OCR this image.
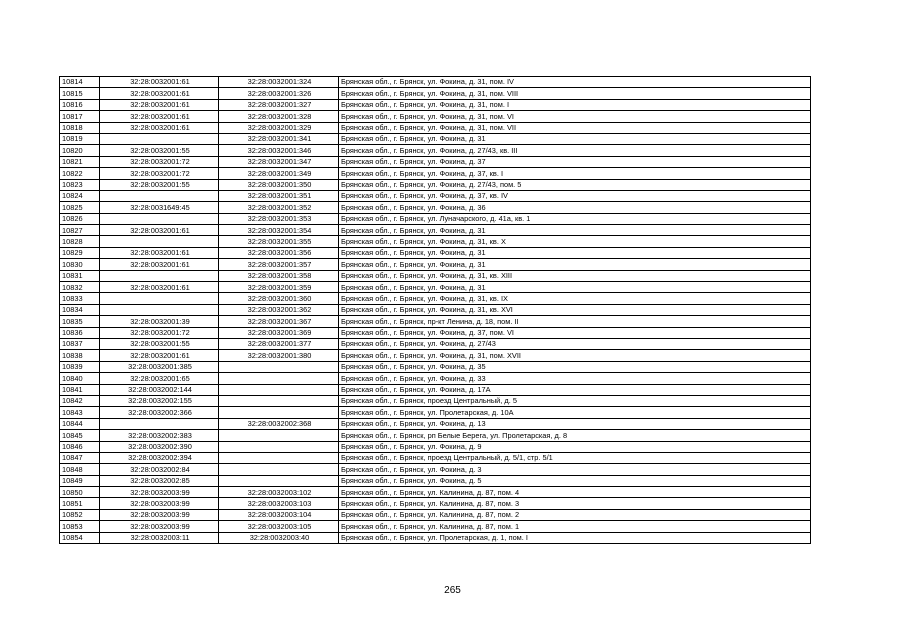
10814	32:28:0032001:61	32:28:0032001:324	Брянская обл., г. Брянск, ул. Фокина, д. 31, пом. IV
10815	32:28:0032001:61	32:28:0032001:326	Брянская обл., г. Брянск, ул. Фокина, д. 31, пом. VIII
10816	32:28:0032001:61	32:28:0032001:327	Брянская обл., г. Брянск, ул. Фокина, д. 31, пом. I
10817	32:28:0032001:61	32:28:0032001:328	Брянская обл., г. Брянск, ул. Фокина, д. 31, пом. VI
10818	32:28:0032001:61	32:28:0032001:329	Брянская обл., г. Брянск, ул. Фокина, д. 31, пом. VII
10819		32:28:0032001:341	Брянская обл., г. Брянск, ул. Фокина, д. 31
10820	32:28:0032001:55	32:28:0032001:346	Брянская обл., г. Брянск, ул. Фокина, д. 27/43, кв. III
10821	32:28:0032001:72	32:28:0032001:347	Брянская обл., г. Брянск, ул. Фокина, д. 37
10822	32:28:0032001:72	32:28:0032001:349	Брянская обл., г. Брянск, ул. Фокина, д. 37, кв. I
10823	32:28:0032001:55	32:28:0032001:350	Брянская обл., г. Брянск, ул. Фокина, д. 27/43, пом. 5
10824		32:28:0032001:351	Брянская обл., г. Брянск, ул. Фокина, д. 37, кв. IV
10825	32:28:0031649:45	32:28:0032001:352	Брянская обл., г. Брянск, ул. Фокина, д. 36
10826		32:28:0032001:353	Брянская обл., г. Брянск, ул. Луначарского, д. 41а, кв. 1
10827	32:28:0032001:61	32:28:0032001:354	Брянская обл., г. Брянск, ул. Фокина, д. 31
10828		32:28:0032001:355	Брянская обл., г. Брянск, ул. Фокина, д. 31, кв. X
10829	32:28:0032001:61	32:28:0032001:356	Брянская обл., г. Брянск, ул. Фокина, д. 31
10830	32:28:0032001:61	32:28:0032001:357	Брянская обл., г. Брянск, ул. Фокина, д. 31
10831		32:28:0032001:358	Брянская обл., г. Брянск, ул. Фокина, д. 31, кв. XIII
10832	32:28:0032001:61	32:28:0032001:359	Брянская обл., г. Брянск, ул. Фокина, д. 31
10833		32:28:0032001:360	Брянская обл., г. Брянск, ул. Фокина, д. 31, кв. IX
10834		32:28:0032001:362	Брянская обл., г. Брянск, ул. Фокина, д. 31, кв. XVI
10835	32:28:0032001:39	32:28:0032001:367	Брянская обл., г. Брянск, пр-кт Ленина, д. 18, пом. II
10836	32:28:0032001:72	32:28:0032001:369	Брянская обл., г. Брянск, ул. Фокина, д. 37, пом. VI
10837	32:28:0032001:55	32:28:0032001:377	Брянская обл., г. Брянск, ул. Фокина, д. 27/43
10838	32:28:0032001:61	32:28:0032001:380	Брянская обл., г. Брянск, ул. Фокина, д. 31, пом. XVII
10839	32:28:0032001:385		Брянская обл., г. Брянск, ул. Фокина, д. 35
10840	32:28:0032001:65		Брянская обл., г. Брянск, ул. Фокина, д. 33
10841	32:28:0032002:144		Брянская обл., г. Брянск, ул. Фокина, д. 17А
10842	32:28:0032002:155		Брянская обл., г. Брянск, проезд Центральный, д. 5
10843	32:28:0032002:366		Брянская обл., г. Брянск, ул. Пролетарская, д. 10А
10844		32:28:0032002:368	Брянская обл., г. Брянск, ул. Фокина, д. 13
10845	32:28:0032002:383		Брянская обл., г. Брянск, рп Белые Берега, ул. Пролетарская, д. 8
10846	32:28:0032002:390		Брянская обл., г. Брянск, ул. Фокина, д. 9
10847	32:28:0032002:394		Брянская обл., г. Брянск, проезд Центральный, д. 5/1, стр. 5/1
10848	32:28:0032002:84		Брянская обл., г. Брянск, ул. Фокина, д. 3
10849	32:28:0032002:85		Брянская обл., г. Брянск, ул. Фокина, д. 5
10850	32:28:0032003:99	32:28:0032003:102	Брянская обл., г. Брянск, ул. Калинина, д. 87, пом. 4
10851	32:28:0032003:99	32:28:0032003:103	Брянская обл., г. Брянск, ул. Калинина, д. 87, пом. 3
10852	32:28:0032003:99	32:28:0032003:104	Брянская обл., г. Брянск, ул. Калинина, д. 87, пом. 2
10853	32:28:0032003:99	32:28:0032003:105	Брянская обл., г. Брянск, ул. Калинина, д. 87, пом. 1
10854	32:28:0032003:11	32:28:0032003:40	Брянская обл., г. Брянск, ул. Пролетарская, д. 1, пом. I
265
